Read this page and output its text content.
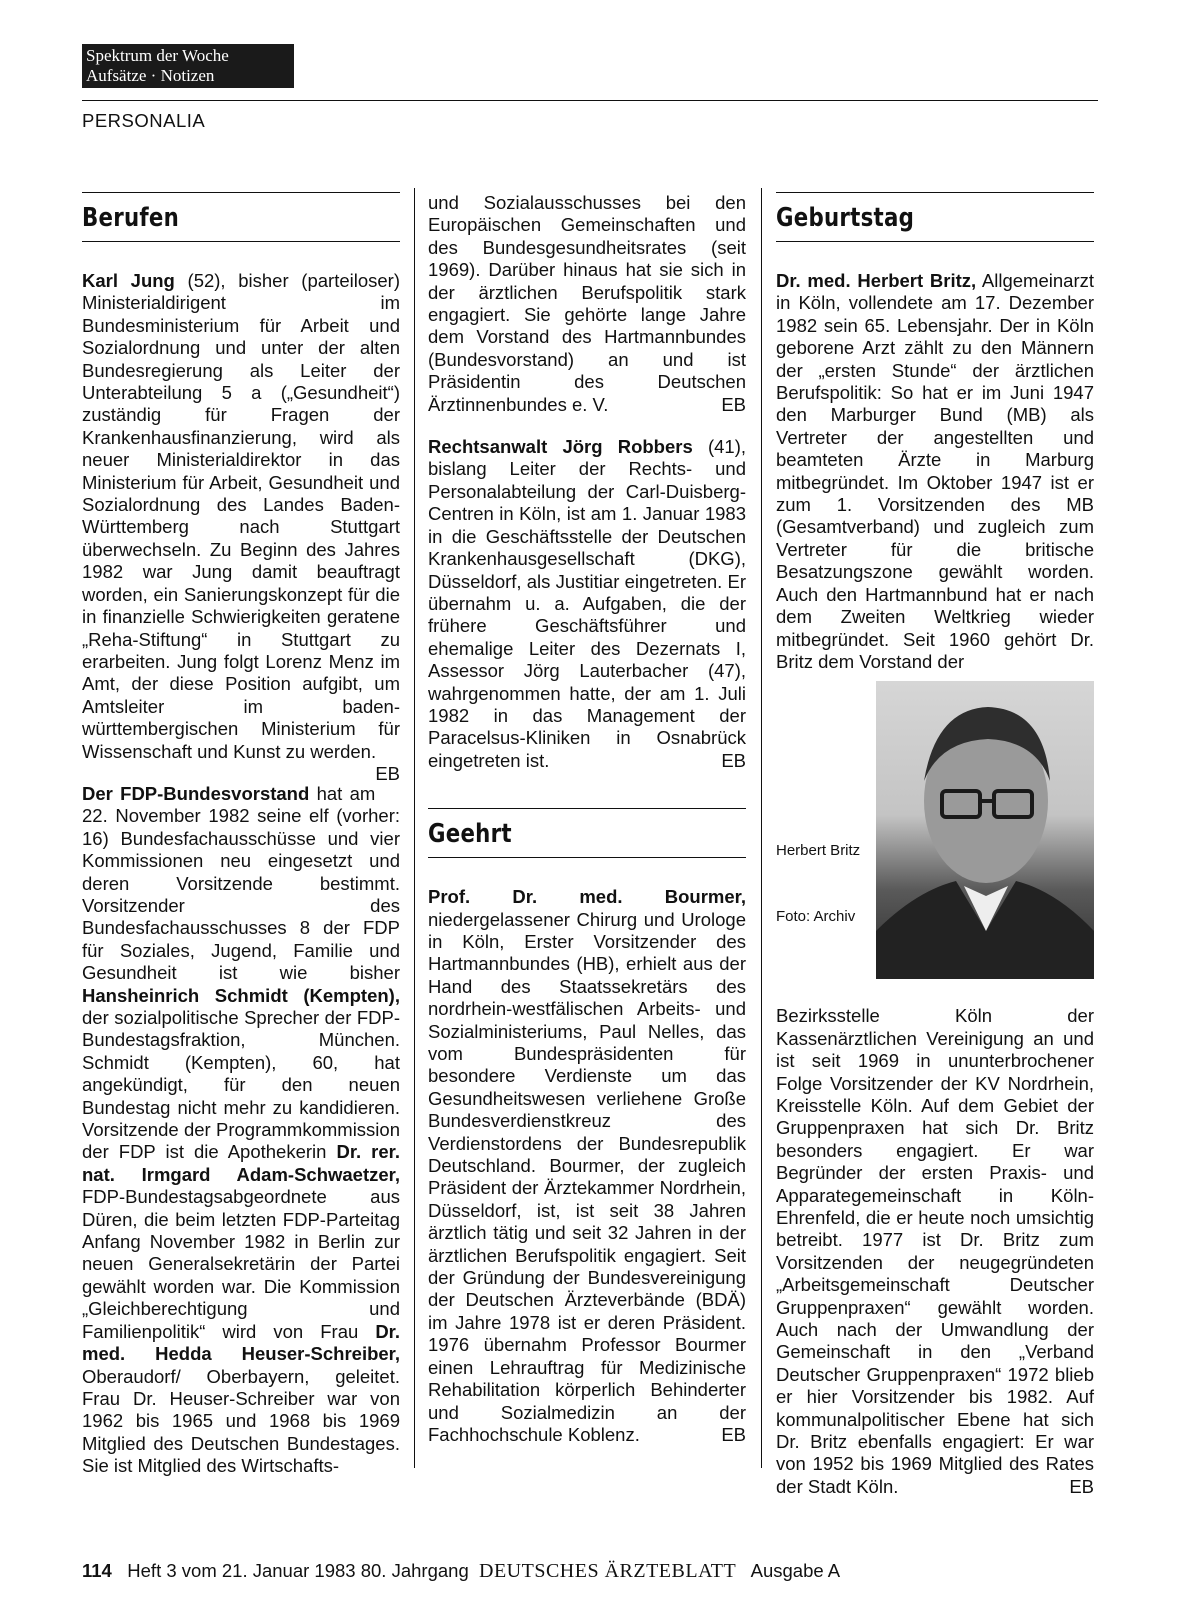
Spektrum der Woche
Aufsätze · Notizen
PERSONALIA
Berufen

Karl Jung (52), bisher (parteiloser) Ministerialdirigent im Bundesministerium für Arbeit und Sozialordnung und unter der alten Bundesregierung als Leiter der Unterabteilung 5 a („Gesundheit“) zuständig für Fragen der Krankenhausfinanzierung, wird als neuer Ministerialdirektor in das Ministerium für Arbeit, Gesundheit und Sozialordnung des Landes Baden-Württemberg nach Stuttgart überwechseln. Zu Beginn des Jahres 1982 war Jung damit beauftragt worden, ein Sanierungskonzept für die in finanzielle Schwierigkeiten geratene „Reha-Stiftung“ in Stuttgart zu erarbeiten. Jung folgt Lorenz Menz im Amt, der diese Position aufgibt, um Amtsleiter im baden-württembergischen Ministerium für Wissenschaft und Kunst zu werden.
EB

Der FDP-Bundesvorstand hat am 22. November 1982 seine elf (vorher: 16) Bundesfachausschüsse und vier Kommissionen neu eingesetzt und deren Vorsitzende bestimmt. Vorsitzender des Bundesfachausschusses 8 der FDP für Soziales, Jugend, Familie und Gesundheit ist wie bisher Hansheinrich Schmidt (Kempten), der sozialpolitische Sprecher der FDP-Bundestagsfraktion, München. Schmidt (Kempten), 60, hat angekündigt, für den neuen Bundestag nicht mehr zu kandidieren. Vorsitzende der Programmkommission der FDP ist die Apothekerin Dr. rer. nat. Irmgard Adam-Schwaetzer, FDP-Bundestagsabgeordnete aus Düren, die beim letzten FDP-Parteitag Anfang November 1982 in Berlin zur neuen Generalsekretärin der Partei gewählt worden war. Die Kommission „Gleichberechtigung und Familienpolitik“ wird von Frau Dr. med. Hedda Heuser-Schreiber, Oberaudorf/ Oberbayern, geleitet. Frau Dr. Heuser-Schreiber war von 1962 bis 1965 und 1968 bis 1969 Mitglied des Deutschen Bundestages. Sie ist Mitglied des Wirtschafts-

und Sozialausschusses bei den Europäischen Gemeinschaften und des Bundesgesundheitsrates (seit 1969). Darüber hinaus hat sie sich in der ärztlichen Berufspolitik stark engagiert. Sie gehörte lange Jahre dem Vorstand des Hartmannbundes (Bundesvorstand) an und ist Präsidentin des Deutschen Ärztinnenbundes e. V.	EB

Rechtsanwalt Jörg Robbers (41), bislang Leiter der Rechts- und Personalabteilung der Carl-Duisberg-Centren in Köln, ist am 1. Januar 1983 in die Geschäftsstelle der Deutschen Krankenhausgesellschaft (DKG), Düsseldorf, als Justitiar eingetreten. Er übernahm u. a. Aufgaben, die der frühere Geschäftsführer und ehemalige Leiter des Dezernats I, Assessor Jörg Lauterbacher (47), wahrgenommen hatte, der am 1. Juli 1982 in das Management der Paracelsus-Kliniken in Osnabrück eingetreten ist.	EB

Geehrt

Prof. Dr. med. Bourmer, niedergelassener Chirurg und Urologe in Köln, Erster Vorsitzender des Hartmannbundes (HB), erhielt aus der Hand des Staatssekretärs des nordrhein-westfälischen Arbeits- und Sozialministeriums, Paul Nelles, das vom Bundespräsidenten für besondere Verdienste um das Gesundheitswesen verliehene Große Bundesverdienstkreuz des Verdienstordens der Bundesrepublik Deutschland. Bourmer, der zugleich Präsident der Ärztekammer Nordrhein, Düsseldorf, ist, ist seit 38 Jahren ärztlich tätig und seit 32 Jahren in der ärztlichen Berufspolitik engagiert. Seit der Gründung der Bundesvereinigung der Deutschen Ärzteverbände (BDÄ) im Jahre 1978 ist er deren Präsident. 1976 übernahm Professor Bourmer einen Lehrauftrag für Medizinische Rehabilitation körperlich Behinderter und Sozialmedizin an der Fachhochschule Koblenz.	EB

Geburtstag

Dr. med. Herbert Britz, Allgemeinarzt in Köln, vollendete am 17. Dezember 1982 sein 65. Lebensjahr. Der in Köln geborene Arzt zählt zu den Männern der „ersten Stunde“ der ärztlichen Berufspolitik: So hat er im Juni 1947 den Marburger Bund (MB) als Vertreter der angestellten und beamteten Ärzte in Marburg mitbegründet. Im Oktober 1947 ist er zum 1. Vorsitzenden des MB (Gesamtverband) und zugleich zum Vertreter für die britische Besatzungszone gewählt worden. Auch den Hartmannbund hat er nach dem Zweiten Weltkrieg wieder mitbegründet. Seit 1960 gehört Dr. Britz dem Vorstand der

Herbert Britz
Foto: Archiv

Bezirksstelle Köln der Kassenärztlichen Vereinigung an und ist seit 1969 in ununterbrochener Folge Vorsitzender der KV Nordrhein, Kreisstelle Köln. Auf dem Gebiet der Gruppenpraxen hat sich Dr. Britz besonders engagiert. Er war Begründer der ersten Praxis- und Apparategemeinschaft in Köln-Ehrenfeld, die er heute noch umsichtig betreibt. 1977 ist Dr. Britz zum Vorsitzenden der neugegründeten „Arbeitsgemeinschaft Deutscher Gruppenpraxen“ gewählt worden. Auch nach der Umwandlung der Gemeinschaft in den „Verband Deutscher Gruppenpraxen“ 1972 blieb er hier Vorsitzender bis 1982. Auf kommunalpolitischer Ebene hat sich Dr. Britz ebenfalls engagiert: Er war von 1952 bis 1969 Mitglied des Rates der Stadt Köln.	EB

114 Heft 3 vom 21. Januar 1983 80. Jahrgang DEUTSCHES ÄRZTEBLATT Ausgabe A
